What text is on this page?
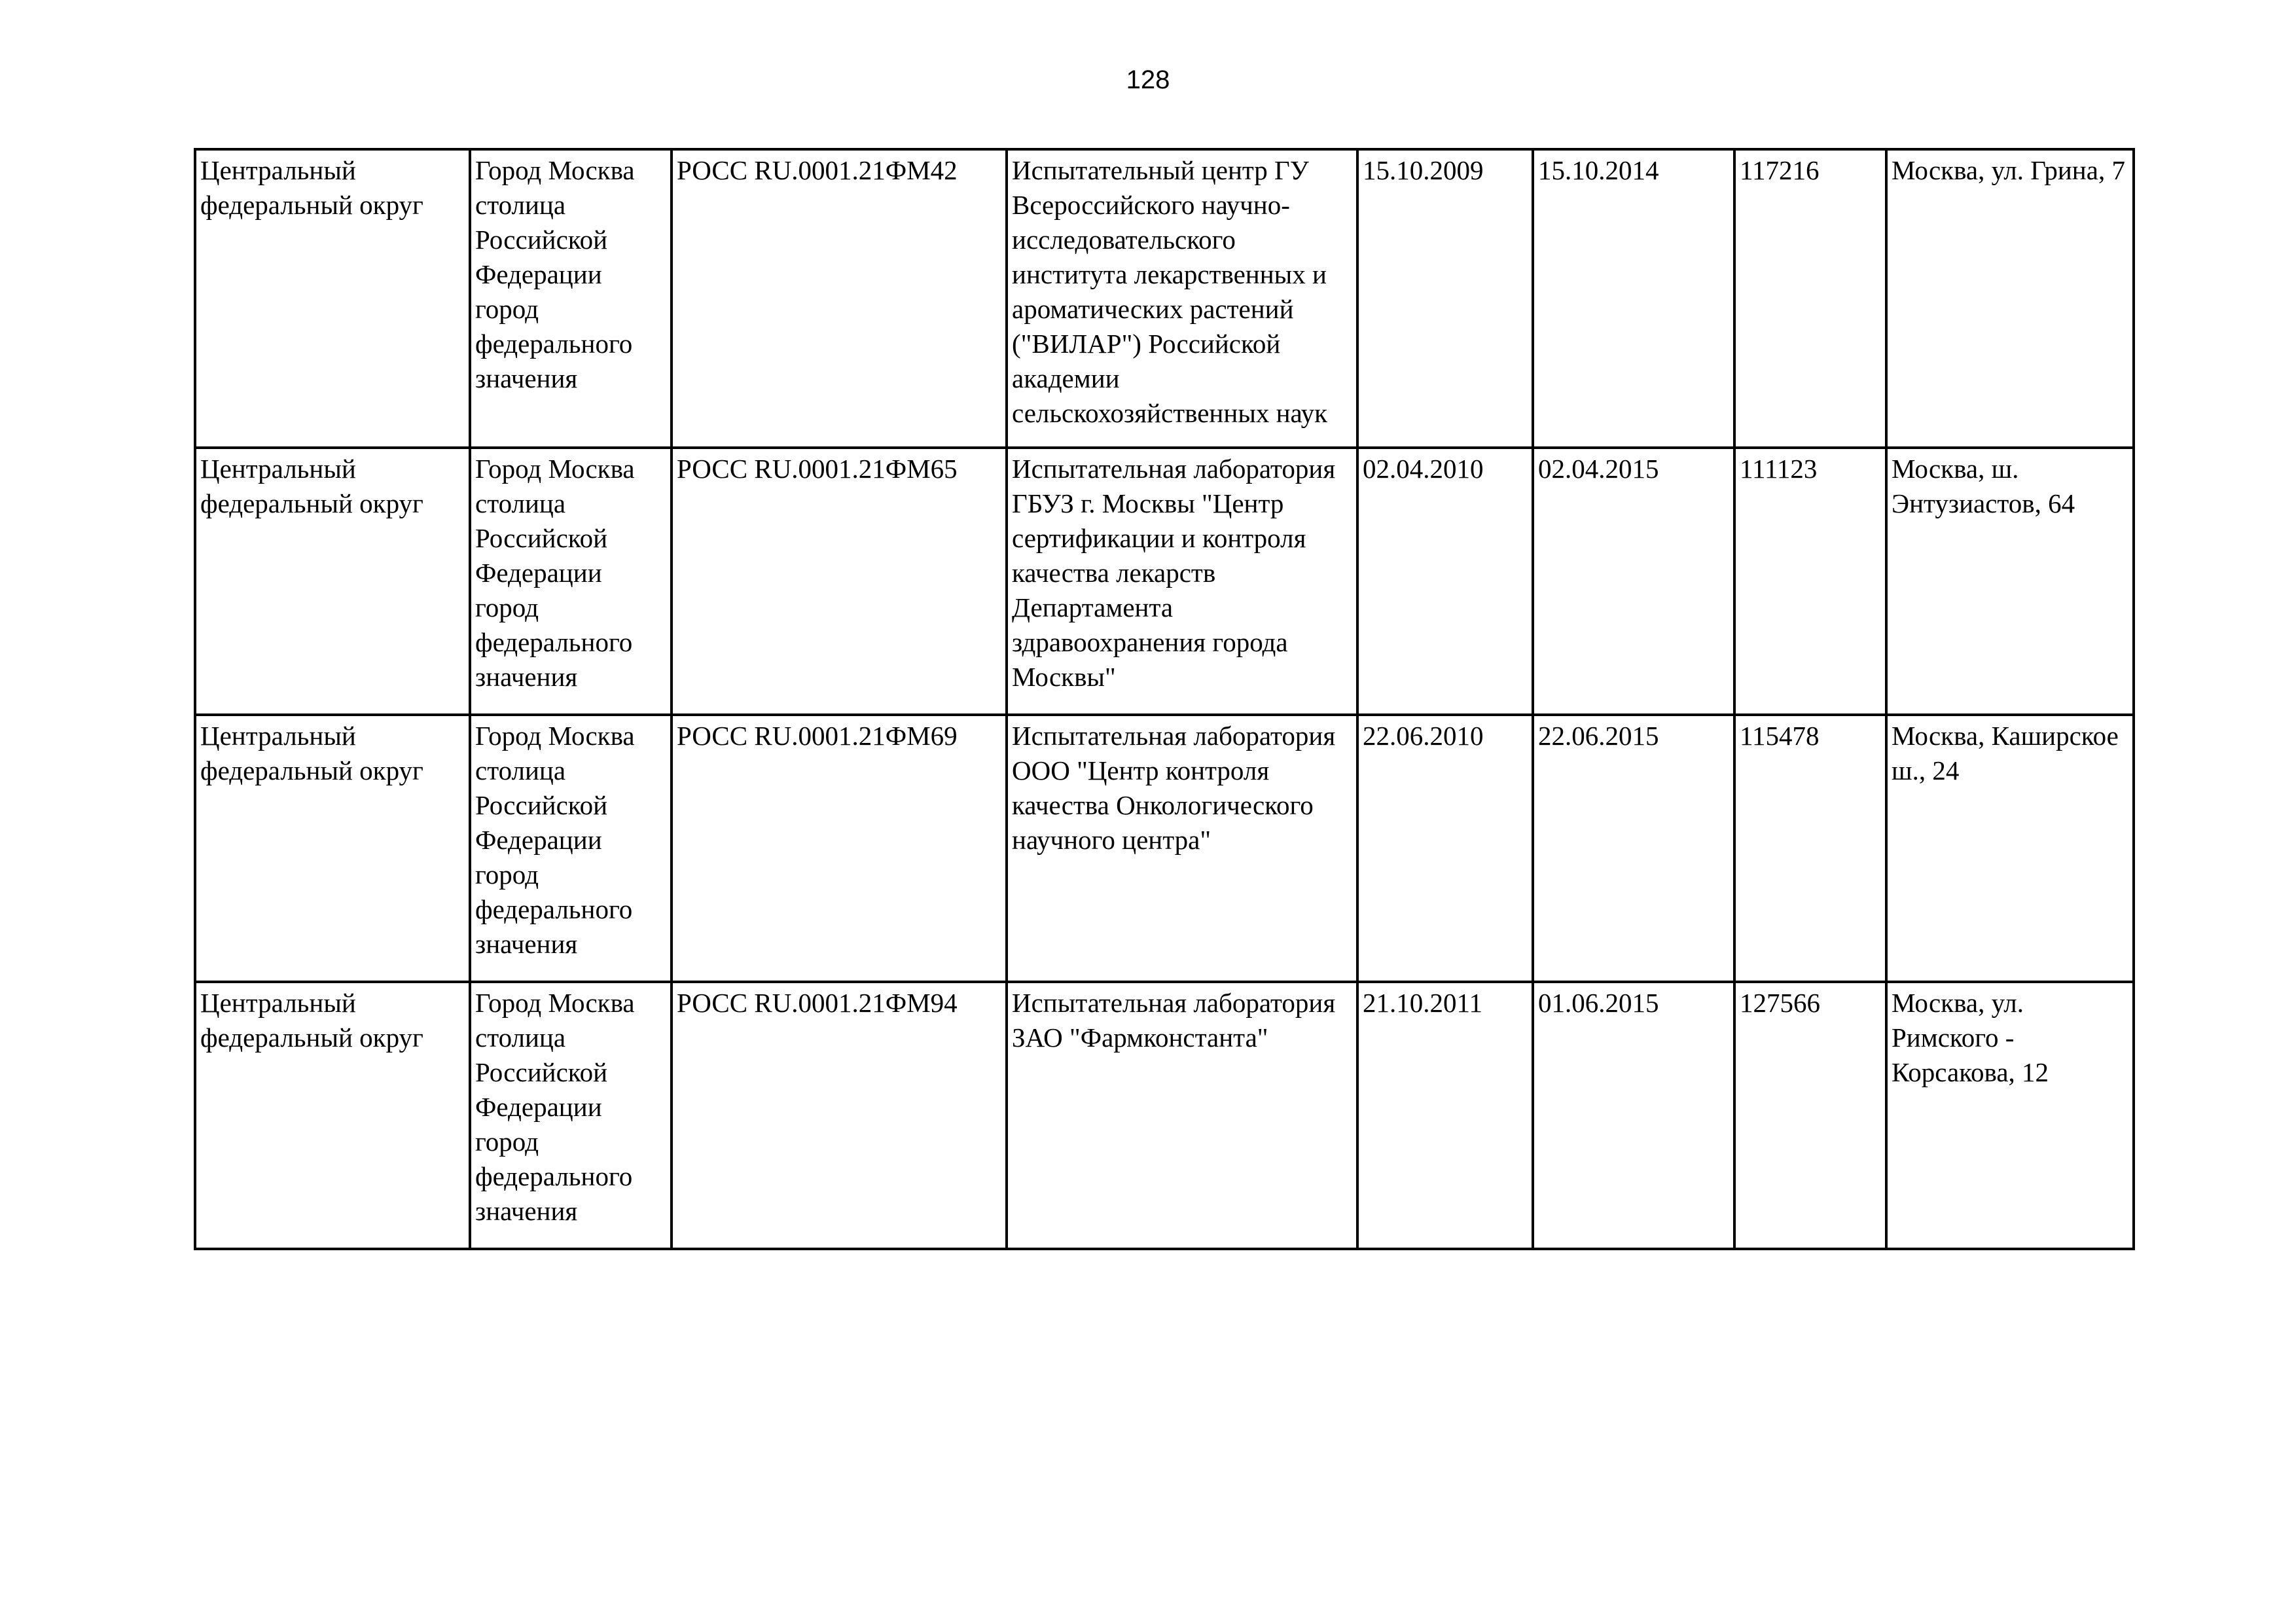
128
Центральный федеральный округ	Город Москва столица Российской Федерации город федерального значения	РОСС RU.0001.21ФМ42	Испытательный центр ГУ Всероссийского научно-исследовательского института лекарственных и ароматических растений ("ВИЛАР") Российской академии сельскохозяйственных наук	15.10.2009	15.10.2014	117216	Москва, ул. Грина, 7

Центральный федеральный округ	Город Москва столица Российской Федерации город федерального значения	РОСС RU.0001.21ФМ65	Испытательная лаборатория ГБУЗ г. Москвы "Центр сертификации и контроля качества лекарств Департамента здравоохранения города Москвы"	02.04.2010	02.04.2015	111123	Москва, ш. Энтузиастов, 64

Центральный федеральный округ	Город Москва столица Российской Федерации город федерального значения	РОСС RU.0001.21ФМ69	Испытательная лаборатория ООО "Центр контроля качества Онкологического научного центра"	22.06.2010	22.06.2015	115478	Москва, Каширское ш., 24

Центральный федеральный округ	Город Москва столица Российской Федерации город федерального значения	РОСС RU.0001.21ФМ94	Испытательная лаборатория ЗАО "Фармконстанта"	21.10.2011	01.06.2015	127566	Москва, ул. Римского - Корсакова, 12
